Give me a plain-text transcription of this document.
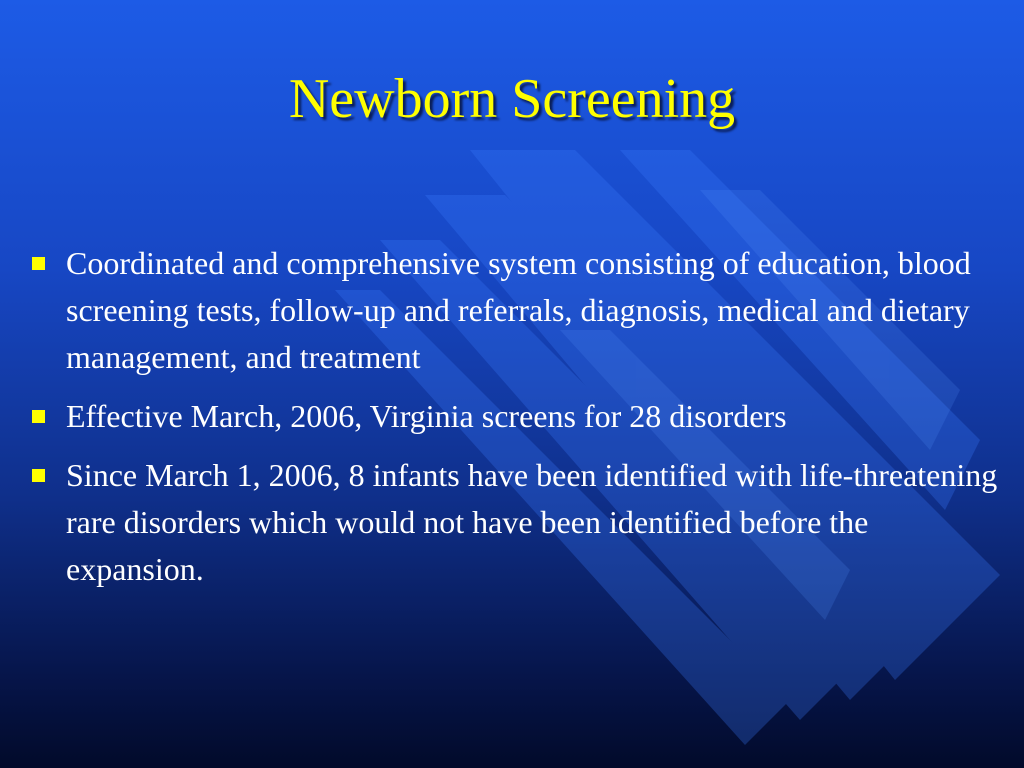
Newborn Screening
Coordinated and comprehensive system consisting of education, blood screening tests, follow-up and referrals, diagnosis, medical and dietary management, and treatment
Effective March, 2006, Virginia screens for 28 disorders
Since March 1, 2006, 8 infants have been identified with life-threatening rare disorders which would not have been identified before the expansion.
